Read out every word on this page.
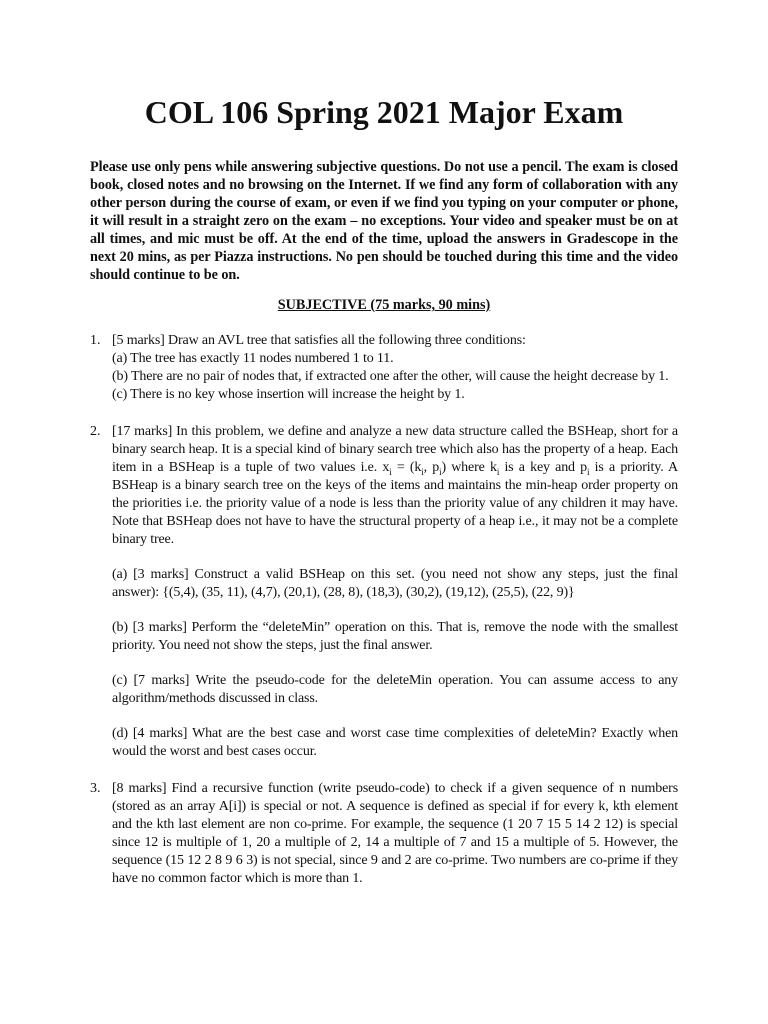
COL 106 Spring 2021 Major Exam
Please use only pens while answering subjective questions. Do not use a pencil. The exam is closed book, closed notes and no browsing on the Internet. If we find any form of collaboration with any other person during the course of exam, or even if we find you typing on your computer or phone, it will result in a straight zero on the exam – no exceptions. Your video and speaker must be on at all times, and mic must be off. At the end of the time, upload the answers in Gradescope in the next 20 mins, as per Piazza instructions. No pen should be touched during this time and the video should continue to be on.
SUBJECTIVE (75 marks, 90 mins)
1. [5 marks] Draw an AVL tree that satisfies all the following three conditions:

(a) The tree has exactly 11 nodes numbered 1 to 11.

(b) There are no pair of nodes that, if extracted one after the other, will cause the height decrease by 1.

(c) There is no key whose insertion will increase the height by 1.

2. [17 marks] In this problem, we define and analyze a new data structure called the BSHeap, short for a binary search heap. It is a special kind of binary search tree which also has the property of a heap. Each item in a BSHeap is a tuple of two values i.e. $x_i = (k_i$, $p_i$) where $k_i$ is a key and $p_i$ is a priority. A BSHeap is a binary search tree on the keys of the items and maintains the min-heap order property on the priorities i.e. the priority value of a node is less than the priority value of any children it may have. Note that BSHeap does not have to have the structural property of a heap i.e., it may not be a complete binary tree.

(a) [3 marks] Construct a valid BSHeap on this set. (you need not show any steps, just the final answer): {(5,4), (35, 11), (4,7), (20,1), (28, 8), (18,3), (30,2), (19,12), (25,5), (22, 9)}

(b) [3 marks] Perform the “deleteMin” operation on this. That is, remove the node with the smallest priority. You need not show the steps, just the final answer.

(c) [7 marks] Write the pseudo-code for the deleteMin operation. You can assume access to any algorithm/methods discussed in class.

(d) [4 marks] What are the best case and worst case time complexities of deleteMin? Exactly when would the worst and best cases occur.

3. [8 marks] Find a recursive function (write pseudo-code) to check if a given sequence of n numbers (stored as an array A[i]) is special or not. A sequence is defined as special if for every k, kth element and the kth last element are non co-prime. For example, the sequence (1 20 7 15 5 14 2 12) is special since 12 is multiple of 1, 20 a multiple of 2, 14 a multiple of 7 and 15 a multiple of 5. However, the sequence (15 12 2 8 9 6 3) is not special, since 9 and 2 are co-prime. Two numbers are co-prime if they have no common factor which is more than 1.
